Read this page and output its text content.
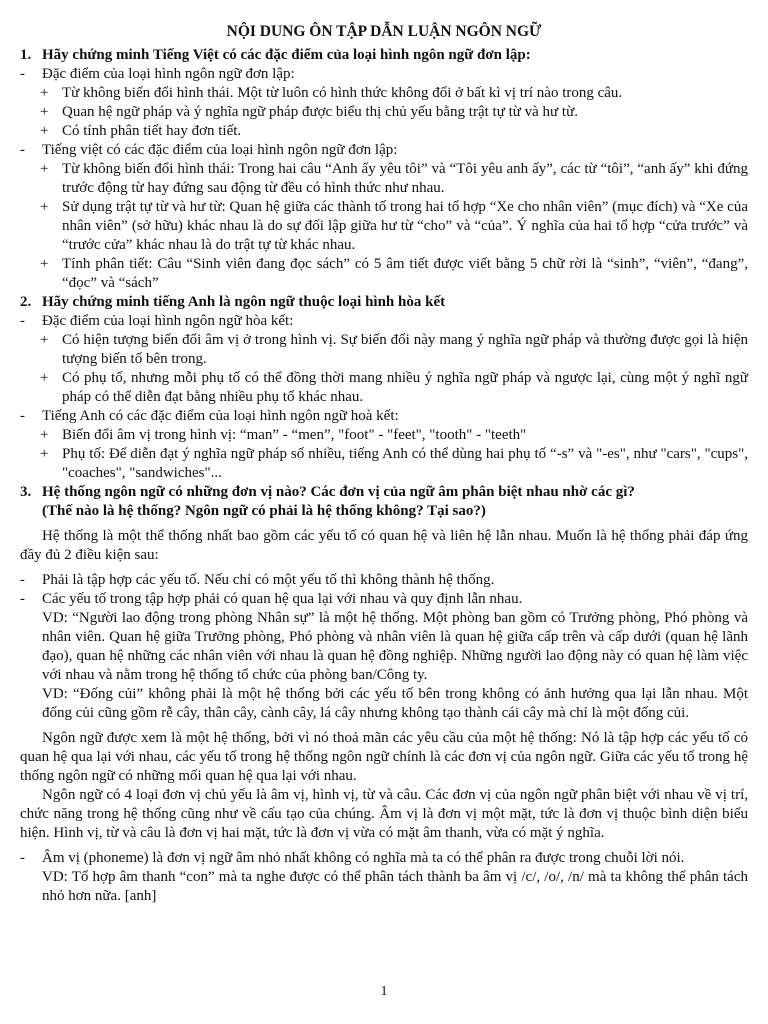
NỘI DUNG ÔN TẬP DẪN LUẬN NGÔN NGỮ
1. Hãy chứng minh Tiếng Việt có các đặc điểm của loại hình ngôn ngữ đơn lập:
-	Đặc điểm của loại hình ngôn ngữ đơn lập:
+ Từ không biến đổi hình thái. Một từ luôn có hình thức không đổi ở bất kì vị trí nào trong câu.
+ Quan hệ ngữ pháp và ý nghĩa ngữ pháp được biểu thị chủ yếu bằng trật tự từ và hư từ.
+ Có tính phân tiết hay đơn tiết.
-	Tiếng việt có các đặc điểm của loại hình ngôn ngữ đơn lập:
+ Từ không biến đổi hình thái: Trong hai câu “Anh ấy yêu tôi” và “Tôi yêu anh ấy”, các từ “tôi”, “anh ấy” khi đứng trước động từ hay đứng sau động từ đều có hình thức như nhau.
+ Sử dụng trật tự từ và hư từ: Quan hệ giữa các thành tố trong hai tổ hợp “Xe cho nhân viên” (mục đích) và “Xe của nhân viên” (sở hữu) khác nhau là do sự đối lập giữa hư từ “cho” và “của”. Ý nghĩa của hai tổ hợp “cửa trước” và “trước cửa” khác nhau là do trật tự từ khác nhau.
+ Tính phân tiết: Câu “Sinh viên đang đọc sách” có 5 âm tiết được viết bằng 5 chữ rời là “sinh”, “viên”, “đang”, “đọc” và “sách”
2. Hãy chứng minh tiếng Anh là ngôn ngữ thuộc loại hình hòa kết
-	Đặc điểm của loại hình ngôn ngữ hòa kết:
+ Có hiện tượng biến đổi âm vị ở trong hình vị. Sự biến đổi này mang ý nghĩa ngữ pháp và thường được gọi là hiện tượng biến tố bên trong.
+ Có phụ tố, nhưng mỗi phụ tố có thể đồng thời mang nhiều ý nghĩa ngữ pháp và ngược lại, cùng một ý nghĩ ngữ pháp có thể diễn đạt bằng nhiều phụ tố khác nhau.
-	Tiếng Anh có các đặc điểm của loại hình ngôn ngữ hoà kết:
+ Biến đổi âm vị trong hình vị: “man” - “men”, "foot" - "feet", "tooth" - "teeth"
+ Phụ tố: Để diễn đạt ý nghĩa ngữ pháp số nhiều, tiếng Anh có thể dùng hai phụ tố “-s” và "-es", như "cars", "cups", "coaches", "sandwiches"...
3. Hệ thống ngôn ngữ có những đơn vị nào? Các đơn vị của ngữ âm phân biệt nhau nhờ các gì?
(Thế nào là hệ thống? Ngôn ngữ có phải là hệ thống không? Tại sao?)
Hệ thống là một thể thống nhất bao gồm các yếu tố có quan hệ và liên hệ lẫn nhau. Muốn là hệ thống phải đáp ứng đầy đủ 2 điều kiện sau:
-	Phải là tập hợp các yếu tố. Nếu chỉ có một yếu tố thì không thành hệ thống.
-	Các yếu tố trong tập hợp phải có quan hệ qua lại với nhau và quy định lẫn nhau.
VD: “Người lao động trong phòng Nhân sự” là một hệ thống. Một phòng ban gồm có Trưởng phòng, Phó phòng và nhân viên. Quan hệ giữa Trưởng phòng, Phó phòng và nhân viên là quan hệ giữa cấp trên và cấp dưới (quan hệ lãnh đạo), quan hệ những các nhân viên với nhau là quan hệ đồng nghiệp. Những người lao động này có quan hệ làm việc với nhau và nằm trong hệ thống tổ chức của phòng ban/Công ty.
VD: “Đống củi” không phải là một hệ thống bởi các yếu tố bên trong không có ảnh hưởng qua lại lẫn nhau. Một đống củi cũng gồm rễ cây, thân cây, cành cây, lá cây nhưng không tạo thành cái cây mà chỉ là một đống củi.
Ngôn ngữ được xem là một hệ thống, bởi vì nó thoả mãn các yêu cầu của một hệ thống: Nó là tập hợp các yếu tố có quan hệ qua lại với nhau, các yếu tố trong hệ thống ngôn ngữ chính là các đơn vị của ngôn ngữ. Giữa các yếu tố trong hệ thống ngôn ngữ có những mối quan hệ qua lại với nhau.
Ngôn ngữ có 4 loại đơn vị chủ yếu là âm vị, hình vị, từ và câu. Các đơn vị của ngôn ngữ phân biệt với nhau về vị trí, chức năng trong hệ thống cũng như về cấu tạo của chúng. Âm vị là đơn vị một mặt, tức là đơn vị thuộc bình diện biểu hiện. Hình vị, từ và câu là đơn vị hai mặt, tức là đơn vị vừa có mặt âm thanh, vừa có mặt ý nghĩa.
-	Âm vị (phoneme) là đơn vị ngữ âm nhỏ nhất không có nghĩa mà ta có thể phân ra được trong chuỗi lời nói.
VD: Tổ hợp âm thanh “con” mà ta nghe được có thể phân tách thành ba âm vị /c/, /o/, /n/ mà ta không thể phân tách nhỏ hơn nữa. [anh]
1
